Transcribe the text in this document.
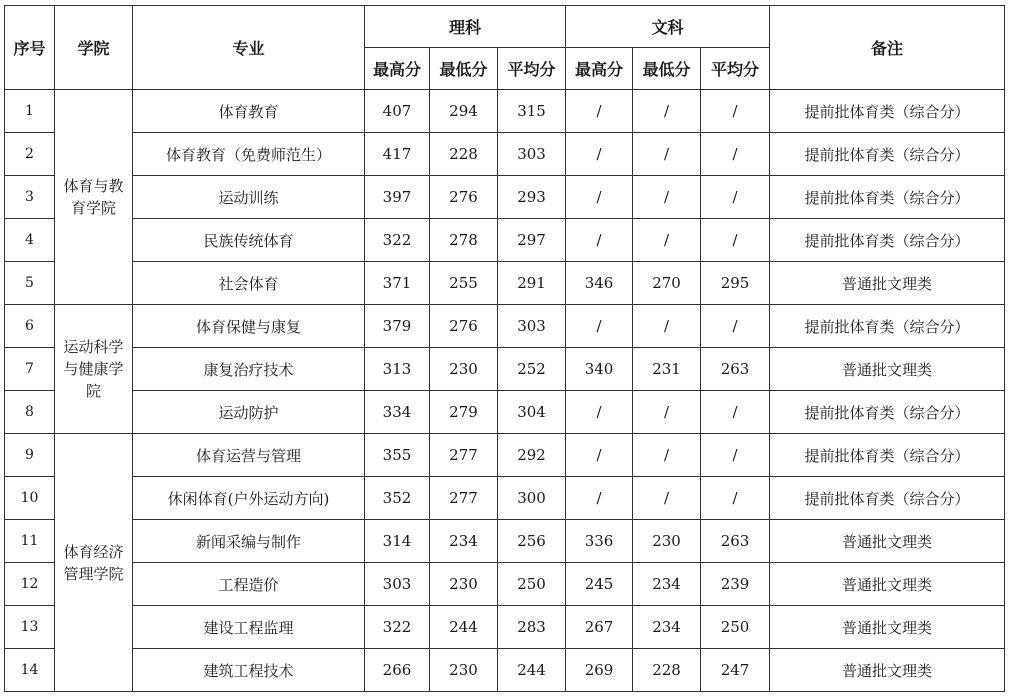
序号	学院	专业	理科			文科			备注
			最高分	最低分	平均分	最高分	最低分	平均分	
1	体育与教育学院	体育教育	407	294	315	/	/	/	提前批体育类（综合分）
2		体育教育（免费师范生）	417	228	303	/	/	/	提前批体育类（综合分）
3		运动训练	397	276	293	/	/	/	提前批体育类（综合分）
4		民族传统体育	322	278	297	/	/	/	提前批体育类（综合分）
5		社会体育	371	255	291	346	270	295	普通批文理类
6	运动科学与健康学院	体育保健与康复	379	276	303	/	/	/	提前批体育类（综合分）
7		康复治疗技术	313	230	252	340	231	263	普通批文理类
8		运动防护	334	279	304	/	/	/	提前批体育类（综合分）
9	体育经济管理学院	体育运营与管理	355	277	292	/	/	/	提前批体育类（综合分）
10		休闲体育(户外运动方向)	352	277	300	/	/	/	提前批体育类（综合分）
11		新闻采编与制作	314	234	256	336	230	263	普通批文理类
12		工程造价	303	230	250	245	234	239	普通批文理类
13		建设工程监理	322	244	283	267	234	250	普通批文理类
14		建筑工程技术	266	230	244	269	228	247	普通批文理类
